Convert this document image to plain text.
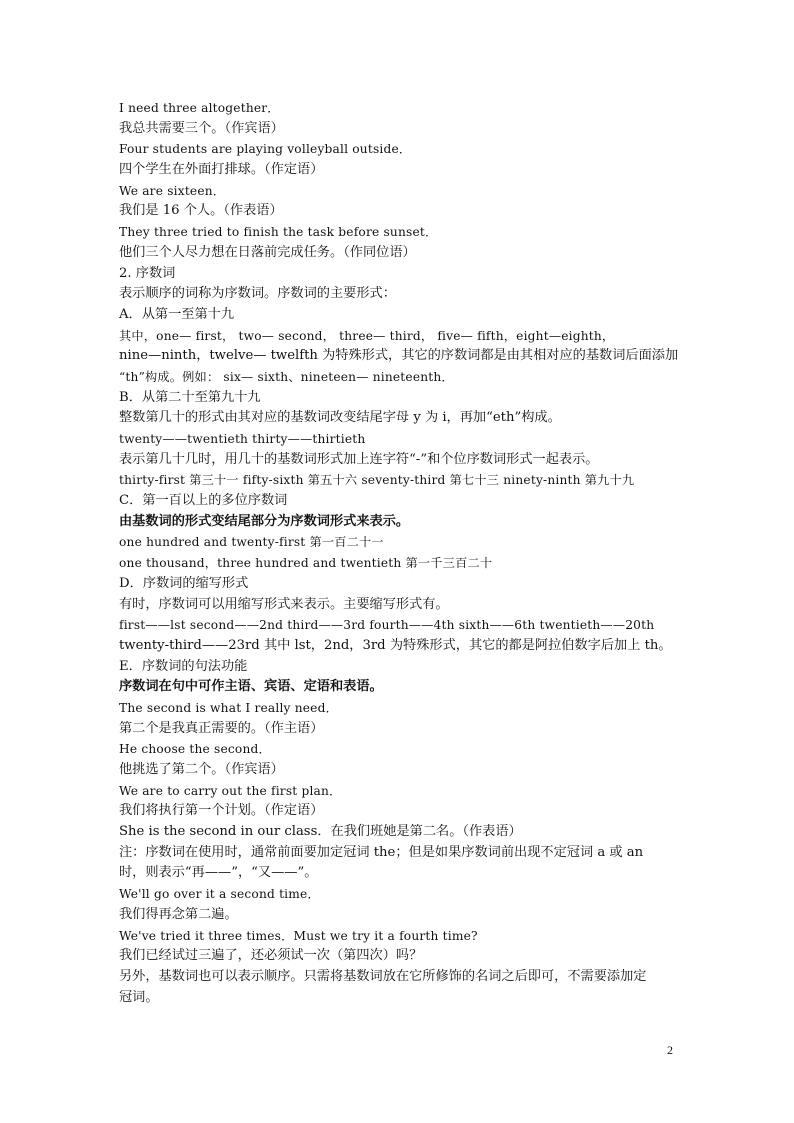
I need three altogether．
我总共需要三个。（作宾语）
Four students are playing volleyball outside．
四个学生在外面打排球。（作定语）
We are sixteen．
我们是 16 个人。（作表语）
They three tried to finish the task before sunset．
他们三个人尽力想在日落前完成任务。（作同位语）
2. 序数词
表示顺序的词称为序数词。序数词的主要形式：
A．从第一至第十九
其中，one— first， two— second， three— third， five— fifth，eight—eighth，
nine—ninth，twelve— twelfth 为特殊形式，其它的序数词都是由其相对应的基数词后面添加
“th”构成。例如： six— sixth、nineteen— nineteenth．
B．从第二十至第九十九
整数第几十的形式由其对应的基数词改变结尾字母 y 为 i，再加“eth”构成。
twenty——twentieth thirty——thirtieth
表示第几十几时，用几十的基数词形式加上连字符“-”和个位序数词形式一起表示。
thirty-first 第三十一 fifty-sixth 第五十六 seventy-third 第七十三 ninety-ninth 第九十九
C．第一百以上的多位序数词
由基数词的形式变结尾部分为序数词形式来表示。
one hundred and twenty-first 第一百二十一
one thousand，three hundred and twentieth 第一千三百二十
D．序数词的缩写形式
有时，序数词可以用缩写形式来表示。主要缩写形式有。
first——lst second——2nd third——3rd fourth——4th sixth——6th twentieth——20th
twenty-third——23rd 其中 lst，2nd，3rd 为特殊形式，其它的都是阿拉伯数字后加上 th。
E．序数词的句法功能
序数词在句中可作主语、宾语、定语和表语。
The second is what I really need．
第二个是我真正需要的。（作主语）
He choose the second．
他挑选了第二个。（作宾语）
We are to carry out the first plan．
我们将执行第一个计划。（作定语）
She is the second in our class．在我们班她是第二名。（作表语）
注：序数词在使用时，通常前面要加定冠词 the；但是如果序数词前出现不定冠词 a 或 an
时，则表示“再——”，“又——”。
We'll go over it a second time．
我们得再念第二遍。
We've tried it three times．Must we try it a fourth time?
我们已经试过三遍了，还必须试一次（第四次）吗？
另外，基数词也可以表示顺序。只需将基数词放在它所修饰的名词之后即可，不需要添加定
冠词。
2
